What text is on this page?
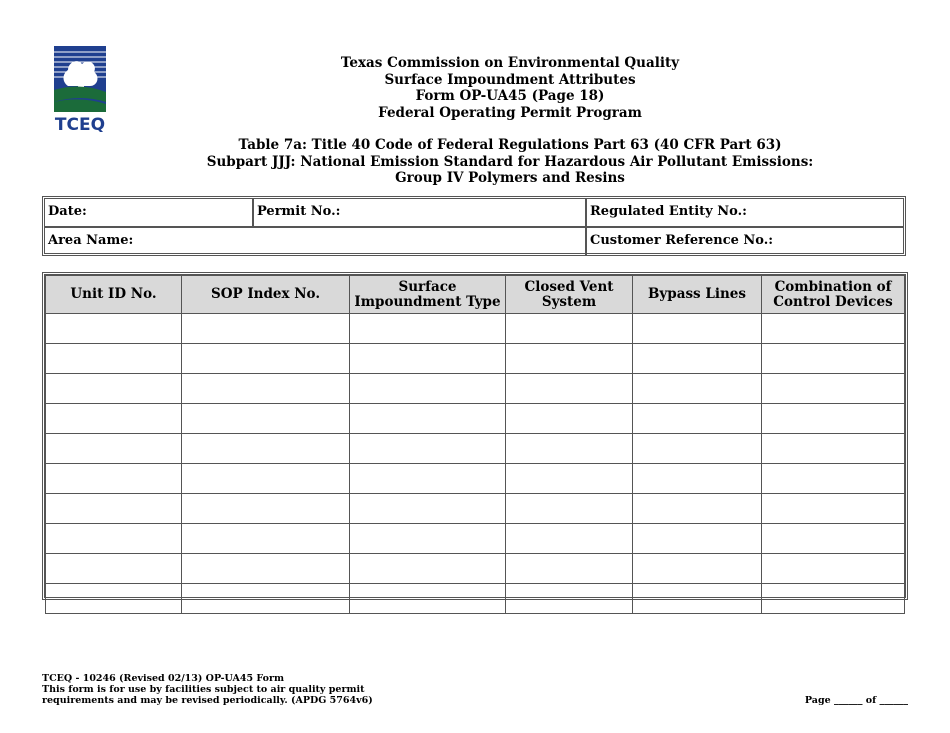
TCEQ
Texas Commission on Environmental Quality
Surface Impoundment Attributes
Form OP-UA45 (Page 18)
Federal Operating Permit Program
Table 7a: Title 40 Code of Federal Regulations Part 63 (40 CFR Part 63)
Subpart JJJ: National Emission Standard for Hazardous Air Pollutant Emissions:
Group IV Polymers and Resins
Date:	Permit No.:	Regulated Entity No.:
Area Name:	Customer Reference No.:
Unit ID No.	SOP Index No.	Surface Impoundment Type	Closed Vent System	Bypass Lines	Combination of Control Devices

TCEQ - 10246 (Revised 02/13) OP-UA45 Form
This form is for use by facilities subject to air quality permit
requirements and may be revised periodically. (APDG 5764v6)	Page ______ of ______
